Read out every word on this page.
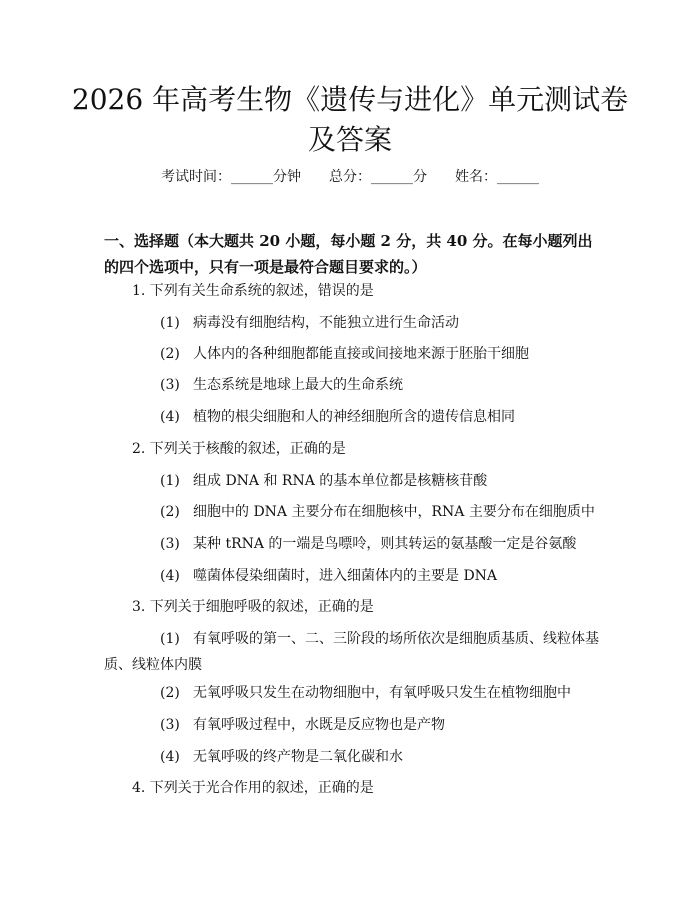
2026 年高考生物《遗传与进化》单元测试卷
及答案
考试时间：______分钟 总分：______分 姓名：______
一、选择题（本大题共 20 小题，每小题 2 分，共 40 分。在每小题列出的四个选项中，只有一项是最符合题目要求的。）
1. 下列有关生命系统的叙述，错误的是
(1) 病毒没有细胞结构，不能独立进行生命活动
(2) 人体内的各种细胞都能直接或间接地来源于胚胎干细胞
(3) 生态系统是地球上最大的生命系统
(4) 植物的根尖细胞和人的神经细胞所含的遗传信息相同
2. 下列关于核酸的叙述，正确的是
(1) 组成 DNA 和 RNA 的基本单位都是核糖核苷酸
(2) 细胞中的 DNA 主要分布在细胞核中，RNA 主要分布在细胞质中
(3) 某种 tRNA 的一端是鸟嘌呤，则其转运的氨基酸一定是谷氨酸
(4) 噬菌体侵染细菌时，进入细菌体内的主要是 DNA
3. 下列关于细胞呼吸的叙述，正确的是
(1) 有氧呼吸的第一、二、三阶段的场所依次是细胞质基质、线粒体基质、线粒体内膜
(2) 无氧呼吸只发生在动物细胞中，有氧呼吸只发生在植物细胞中
(3) 有氧呼吸过程中，水既是反应物也是产物
(4) 无氧呼吸的终产物是二氧化碳和水
4. 下列关于光合作用的叙述，正确的是
